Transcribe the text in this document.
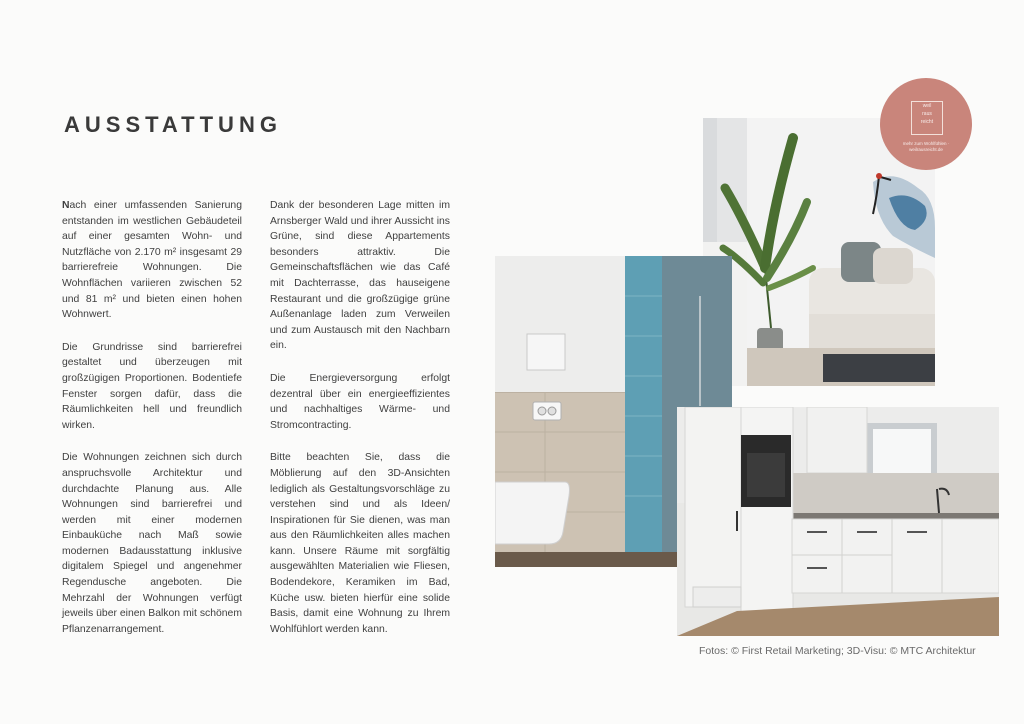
AUSSTATTUNG

Nach einer umfassenden Sanierung entstanden im westlichen Gebäudeteil auf einer gesamten Wohn- und Nutzfläche von 2.170 m² insgesamt 29 barrierefreie Wohnungen. Die Wohnflächen variieren zwischen 52 und 81 m² und bieten einen hohen Wohnwert.

Die Grundrisse sind barrierefrei gestaltet und überzeugen mit großzügigen Proportionen. Bodentiefe Fenster sorgen dafür, dass die Räumlichkeiten hell und freundlich wirken.

Die Wohnungen zeichnen sich durch anspruchsvolle Architektur und durchdachte Planung aus. Alle Wohnungen sind barrierefrei und werden mit einer modernen Einbauküche nach Maß sowie modernen Badausstattung inklusive digitalem Spiegel und angenehmer Regendusche angeboten. Die Mehrzahl der Wohnungen verfügt jeweils über einen Balkon mit schönem Pflanzenarrangement.

Dank der besonderen Lage mitten im Arnsberger Wald und ihrer Aussicht ins Grüne, sind diese Appartements besonders attraktiv. Die Gemeinschaftsflächen wie das Café mit Dachterrasse, das hauseigene Restaurant und die großzügige grüne Außenanlage laden zum Verweilen und zum Austausch mit den Nachbarn ein.

Die Energieversorgung erfolgt dezentral über ein energieeffizientes und nachhaltiges Wärme- und Stromcontracting.

Bitte beachten Sie, dass die Möblierung auf den 3D-Ansichten lediglich als Gestaltungsvorschläge zu verstehen sind und als Ideen/ Inspirationen für Sie dienen, was man aus den Räumlichkeiten alles machen kann. Unsere Räume mit sorgfältig ausgewählten Materialien wie Fliesen, Bodendekore, Keramiken im Bad, Küche usw. bieten hierfür eine solide Basis, damit eine Wohnung zu Ihrem Wohlfühlort werden kann.

weil
raus
reicht
mehr zum Wohlfühlen · weilrausreicht.de
Fotos: © First Retail Marketing; 3D-Visu: © MTC Architektur
